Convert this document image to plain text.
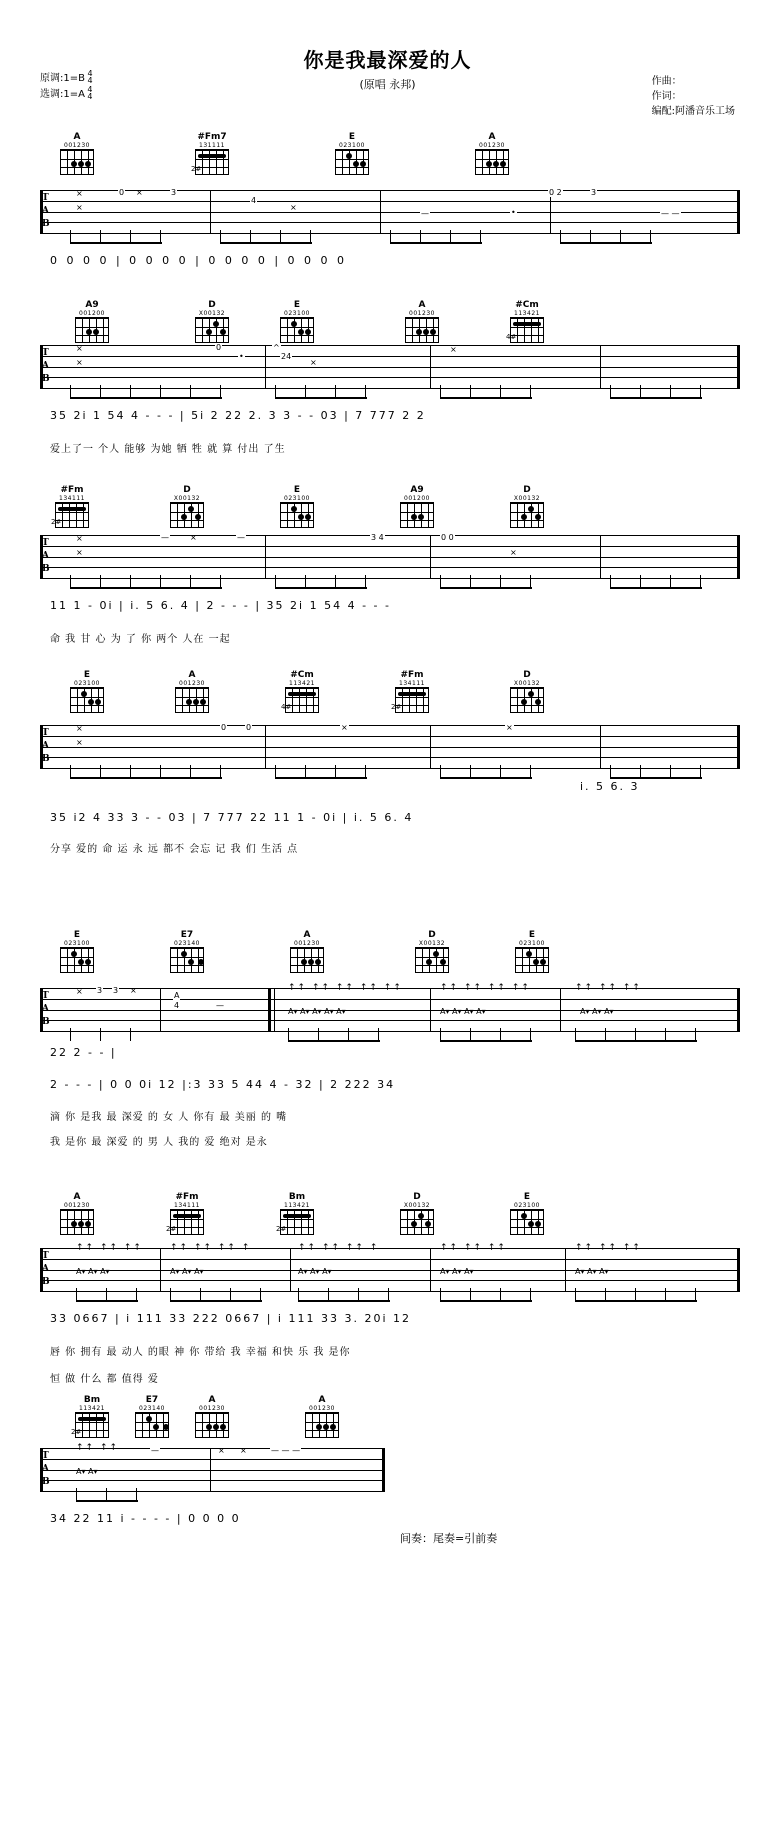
你是我最深爱的人
(原唱 永邦)
原调:1=B 4
4
选调:1=A 4
4
作曲：
作词：
编配:阿潘音乐工场
A
001230
#Fm7
131111
2#
E
023100
A
001230
T
A
B
×
×
0 ×	3
4
—	•
0 2	3
— —
×
0 0 0 0 | 0 0 0 0 | 0 0 0 0 | 0 0 0 0
A9
001200
D
X00132
E
023100
A
001230
#Cm
113421
4#
T
A
B
×
×
0
•
^
24
×
×
35 2i 1 54 4 - - - | 5i 2 22 2. 3 3 - - 03 | 7 777 2 2
爱上了一 个人 能够 为她 牺 牲 就 算 付出 了生
#Fm
134111
2#
D
X00132
E
023100
A9
001200
D
X00132
T
A
B
×
×
—	×	—	3 4	0 0
×
11 1 - 0i | i. 5 6. 4 | 2 - - - | 35 2i 1 54 4 - - -
命 我 甘 心 为 了 你 两个 人在 一起
E
023100
A
001230
#Cm
113421
4#
#Fm
134111
2#
D
X00132
T
A
B
×
×
0 0	×	×
i. 5 6. 3
35 i2 4 33 3 - - 03 | 7 777 22 11 1 - 0i | i. 5 6. 4
分享 爱的 命 运 永 远 都不 会忘 记 我 们 生活 点
E
023100
E7
023140
A
001230
D
X00132
E
023100
T
A
B
× 3 3 ×
A
4	—
↑↑ ↑↑ ↑↑ ↑↑ ↑↑	↑↑ ↑↑ ↑↑ ↑↑	↑↑ ↑↑ ↑↑
A▾ A▾ A▾ A▾ A▾	A▾ A▾ A▾ A▾	A▾ A▾ A▾
22 2 - - |
2 - - - | 0 0 0i 12 |:3 33 5 44 4 - 32 | 2 222 34
滴 你 是我 最 深爱 的 女 人 你有 最 美丽 的 嘴
我 是你 最 深爱 的 男 人 我的 爱 绝对 是永
A
001230
#Fm
134111
2#
Bm
113421
2#
D
X00132
E
023100
T
A
B
↑↑ ↑↑ ↑↑	↑↑ ↑↑ ↑↑ ↑	↑↑ ↑↑ ↑↑ ↑	↑↑ ↑↑ ↑↑	↑↑ ↑↑ ↑↑
A▾ A▾ A▾	A▾ A▾ A▾	A▾ A▾ A▾	A▾ A▾ A▾	A▾ A▾ A▾
33 0667 | i 111 33 222 0667 | i 111 33 3. 20i 12
唇 你 拥有 最 动人 的眼 神 你 带给 我 幸福 和快 乐 我 是你
恒 做 什么 都 值得 爱
Bm
113421
2#
E7
023140
A
001230
A
001230
T
A
B
↑↑ ↑↑
A▾ A▾
—	× ×	— — —
34 22 11 i - - - - | 0 0 0 0
间奏：尾奏=引前奏
